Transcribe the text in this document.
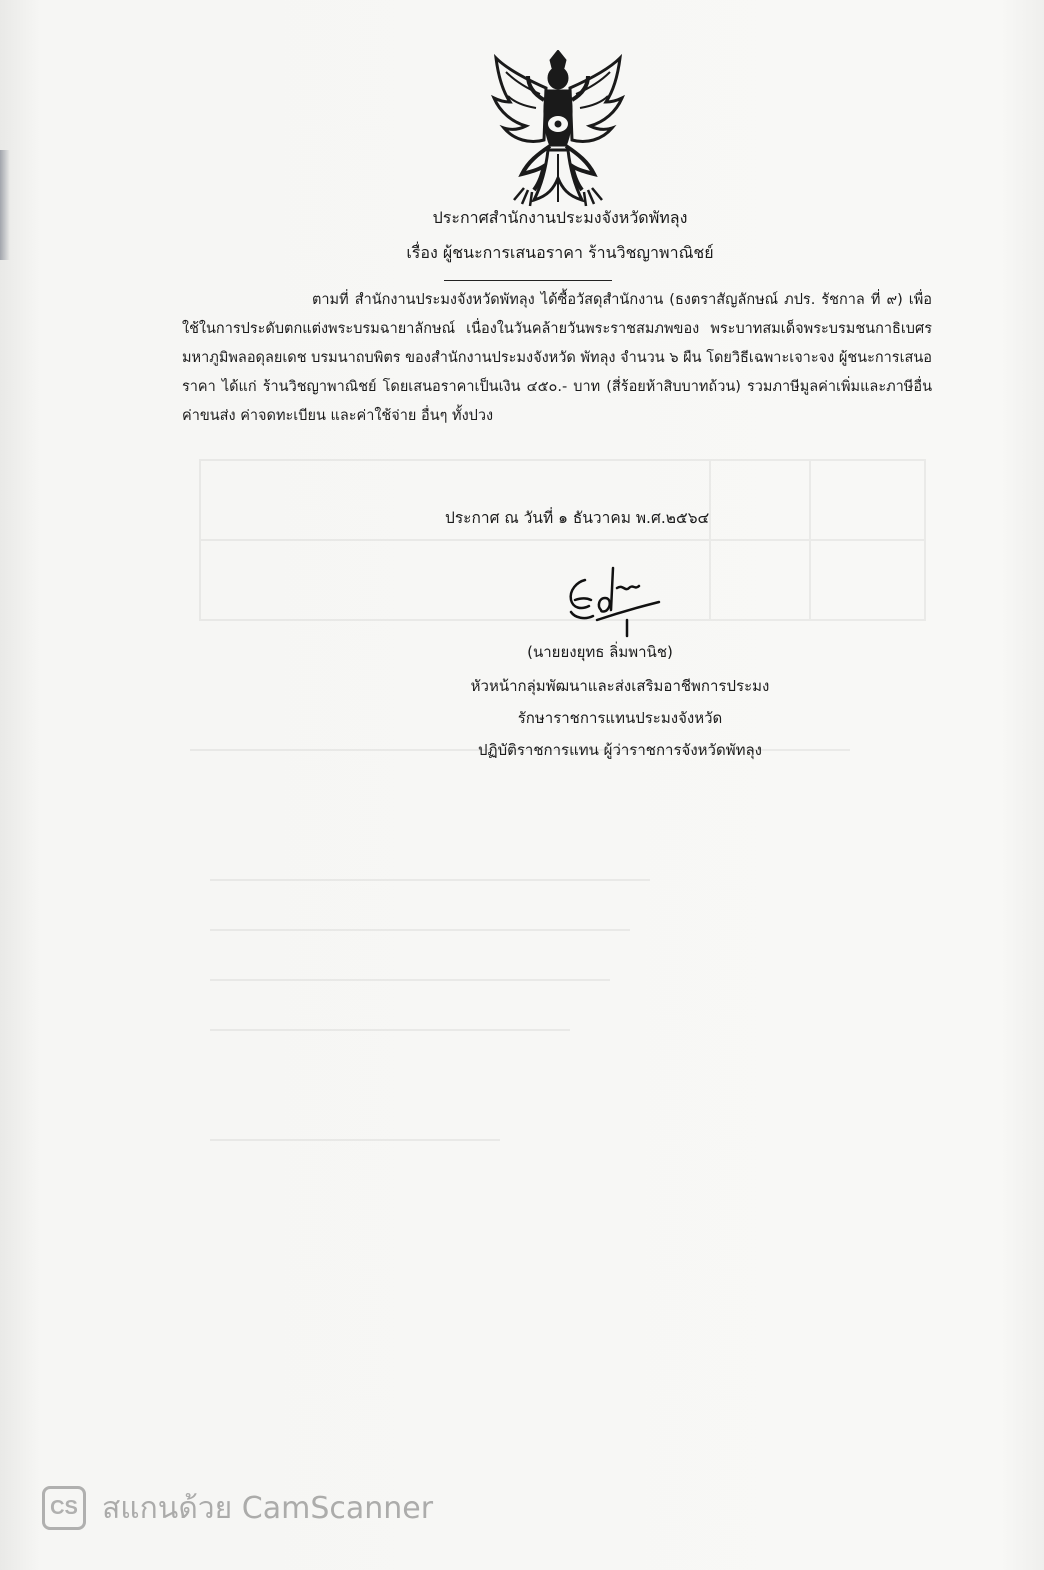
ประกาศสำนักงานประมงจังหวัดพัทลุง
เรื่อง ผู้ชนะการเสนอราคา ร้านวิชญาพาณิชย์
ตามที่ สำนักงานประมงจังหวัดพัทลุง ได้ซื้อวัสดุสำนักงาน (ธงตราสัญลักษณ์ ภปร. รัชกาล ที่ ๙) เพื่อใช้ในการประดับตกแต่งพระบรมฉายาลักษณ์ เนื่องในวันคล้ายวันพระราชสมภพของ พระบาทสมเด็จพระบรมชนกาธิเบศร มหาภูมิพลอดุลยเดช บรมนาถบพิตร ของสำนักงานประมงจังหวัด พัทลุง จำนวน ๖ ผืน โดยวิธีเฉพาะเจาะจง ผู้ชนะการเสนอราคา ได้แก่ ร้านวิชญาพาณิชย์ โดยเสนอราคาเป็นเงิน ๔๕๐.- บาท (สี่ร้อยห้าสิบบาทถ้วน) รวมภาษีมูลค่าเพิ่มและภาษีอื่น ค่าขนส่ง ค่าจดทะเบียน และค่าใช้จ่าย อื่นๆ ทั้งปวง
ประกาศ ณ วันที่ ๑ ธันวาคม พ.ศ.๒๕๖๔
(นายยงยุทธ ลิ่มพานิช)
หัวหน้ากลุ่มพัฒนาและส่งเสริมอาชีพการประมง
รักษาราชการแทนประมงจังหวัด
ปฏิบัติราชการแทน ผู้ว่าราชการจังหวัดพัทลุง
CS สแกนด้วย CamScanner
